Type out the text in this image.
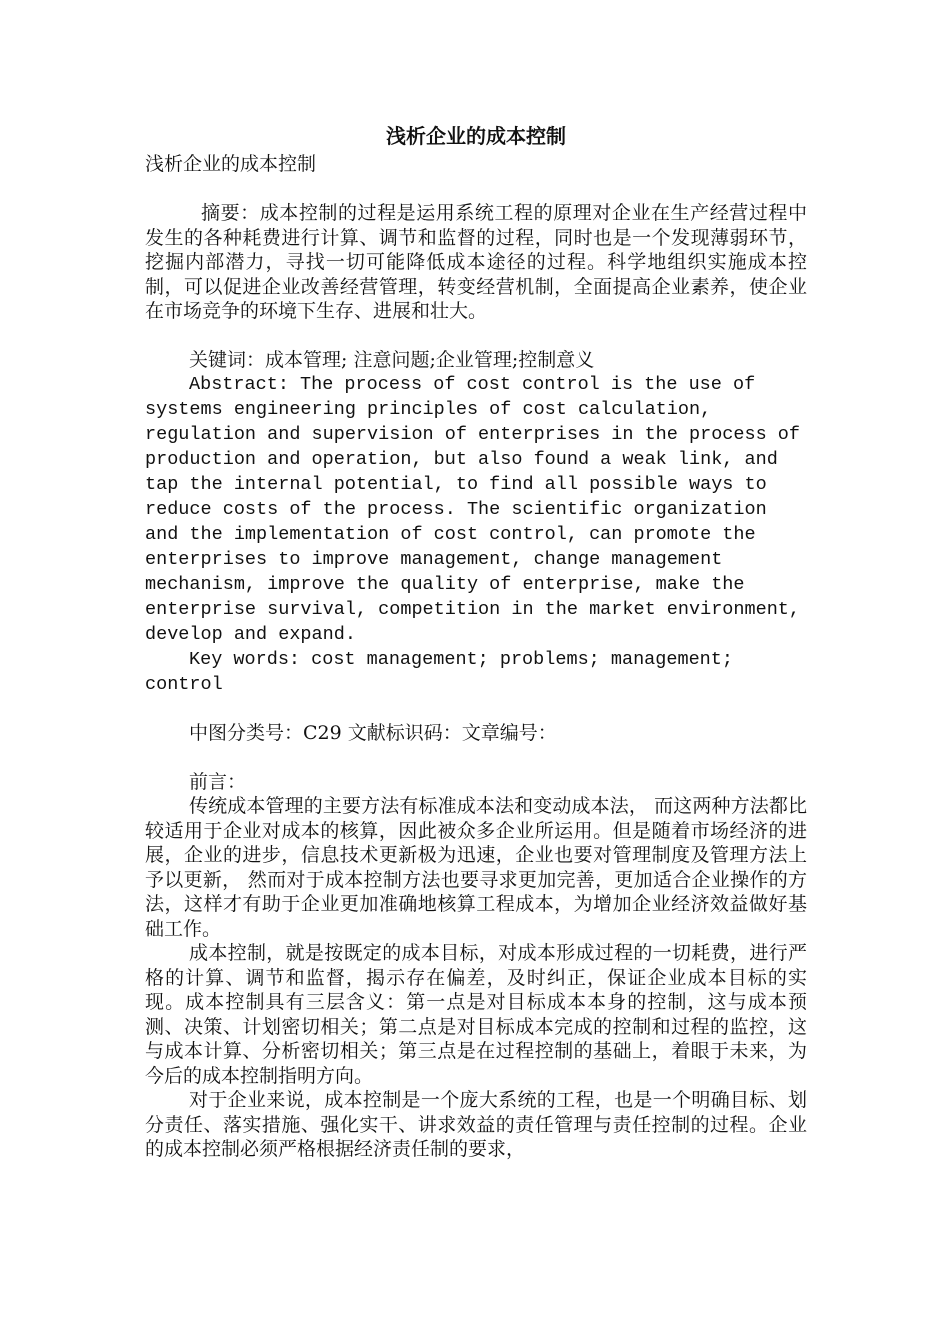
浅析企业的成本控制

浅析企业的成本控制

摘要：成本控制的过程是运用系统工程的原理对企业在生产经营过程中发生的各种耗费进行计算、调节和监督的过程，同时也是一个发现薄弱环节，挖掘内部潜力，寻找一切可能降低成本途径的过程。科学地组织实施成本控制，可以促进企业改善经营管理，转变经营机制，全面提高企业素养，使企业在市场竞争的环境下生存、进展和壮大。

关键词：成本管理; 注意问题;企业管理;控制意义

Abstract: The process of cost control is the use of
systems engineering principles of cost calculation,
regulation and supervision of enterprises in the process of
production and operation, but also found a weak link, and
tap the internal potential, to find all possible ways to
reduce costs of the process. The scientific organization
and the implementation of cost control, can promote the
enterprises to improve management, change management
mechanism, improve the quality of enterprise, make the
enterprise survival, competition in the market environment,
develop and expand.

Key words: cost management; problems; management;
control

中图分类号：C29 文献标识码：文章编号：

前言：

传统成本管理的主要方法有标准成本法和变动成本法， 而这两种方法都比较适用于企业对成本的核算，因此被众多企业所运用。但是随着市场经济的进展，企业的进步，信息技术更新极为迅速，企业也要对管理制度及管理方法上予以更新， 然而对于成本控制方法也要寻求更加完善，更加适合企业操作的方法，这样才有助于企业更加准确地核算工程成本，为增加企业经济效益做好基础工作。

成本控制，就是按既定的成本目标，对成本形成过程的一切耗费，进行严格的计算、调节和监督，揭示存在偏差，及时纠正，保证企业成本目标的实现。成本控制具有三层含义：第一点是对目标成本本身的控制，这与成本预测、决策、计划密切相关；第二点是对目标成本完成的控制和过程的监控，这与成本计算、分析密切相关；第三点是在过程控制的基础上，着眼于未来，为今后的成本控制指明方向。

对于企业来说，成本控制是一个庞大系统的工程，也是一个明确目标、划分责任、落实措施、强化实干、讲求效益的责任管理与责任控制的过程。企业的成本控制必须严格根据经济责任制的要求，
